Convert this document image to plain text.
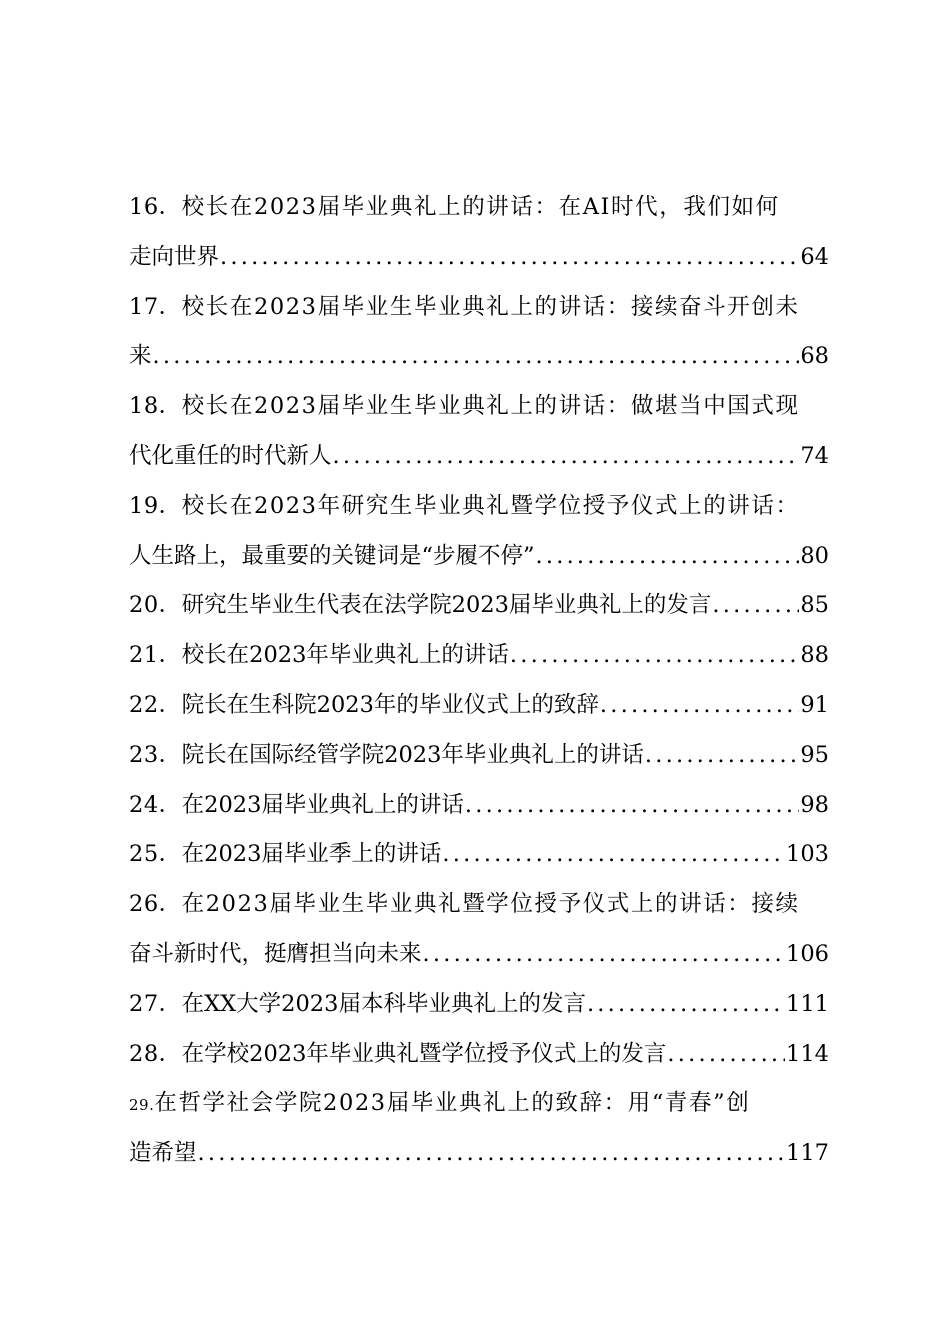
16．校长在2023届毕业典礼上的讲话：在AI时代，我们如何
走向世界 .....	64
17．校长在2023届毕业生毕业典礼上的讲话：接续奋斗开创未
来 .....	68
18．校长在2023届毕业生毕业典礼上的讲话：做堪当中国式现
代化重任的时代新人 .....	74
19．校长在2023年研究生毕业典礼暨学位授予仪式上的讲话：
人生路上，最重要的关键词是“步履不停” .....	80
20．研究生毕业生代表在法学院2023届毕业典礼上的发言 .....	85
21．校长在2023年毕业典礼上的讲话 .....	88
22．院长在生科院2023年的毕业仪式上的致辞 .....	91
23．院长在国际经管学院2023年毕业典礼上的讲话 .....	95
24．在2023届毕业典礼上的讲话 .....	98
25．在2023届毕业季上的讲话 .....	103
26．在2023届毕业生毕业典礼暨学位授予仪式上的讲话：接续
奋斗新时代，挺膺担当向未来 .....	106
27．在XX大学2023届本科毕业典礼上的发言 .....	111
28．在学校2023年毕业典礼暨学位授予仪式上的发言 .....	114
29.在哲学社会学院2023届毕业典礼上的致辞：用“青春”创
造希望 .....	117
